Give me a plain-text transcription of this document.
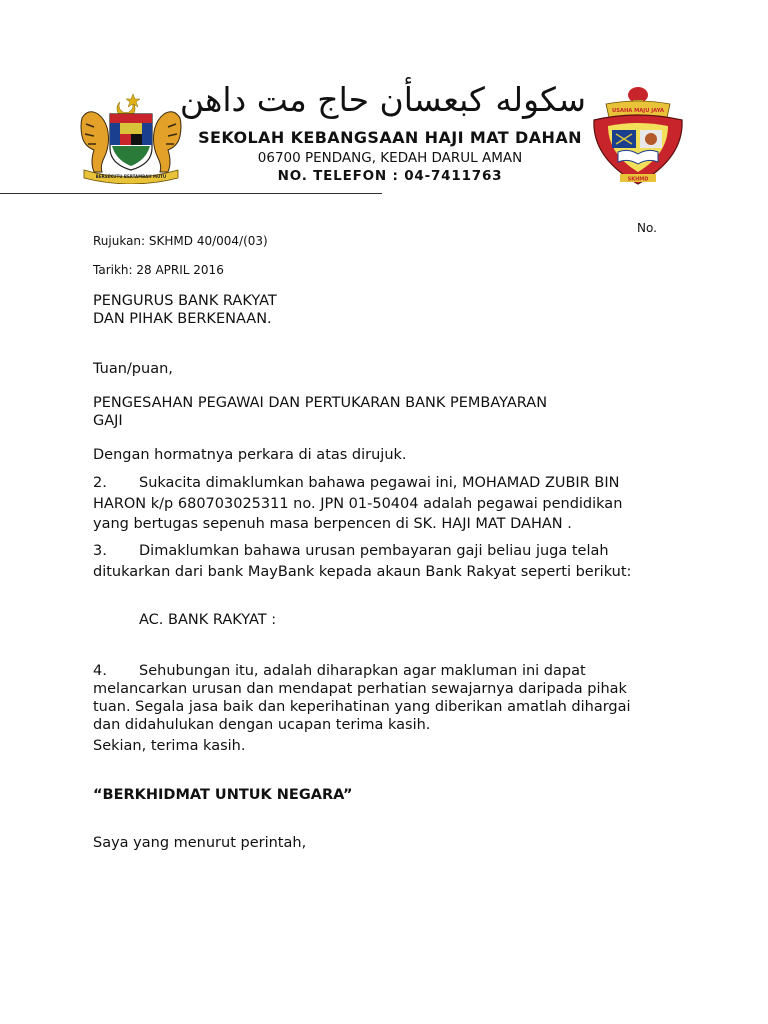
BERSEKUTU BERTAMBAH MUTU
سکوله کبعسأن حاج مت داهن
SEKOLAH KEBANGSAAN HAJI MAT DAHAN
06700 PENDANG, KEDAH DARUL AMAN
NO. TELEFON : 04-7411763
USAHA MAJU JAYA
SKHMD
No.
Rujukan: SKHMD 40/004/(03)
Tarikh: 28 APRIL 2016
PENGURUS BANK RAKYAT
DAN PIHAK BERKENAAN.
Tuan/puan,
PENGESAHAN PEGAWAI DAN PERTUKARAN BANK PEMBAYARAN
GAJI
Dengan hormatnya perkara di atas dirujuk.
2. Sukacita dimaklumkan bahawa pegawai ini, MOHAMAD ZUBIR BIN
HARON k/p 680703025311 no. JPN 01-50404 adalah pegawai pendidikan
yang bertugas sepenuh masa berpencen di SK. HAJI MAT DAHAN .
3. Dimaklumkan bahawa urusan pembayaran gaji beliau juga telah
ditukarkan dari bank MayBank kepada akaun Bank Rakyat seperti berikut:
AC. BANK RAKYAT :
4. Sehubungan itu, adalah diharapkan agar makluman ini dapat
melancarkan urusan dan mendapat perhatian sewajarnya daripada pihak
tuan. Segala jasa baik dan keperihatinan yang diberikan amatlah dihargai
dan didahulukan dengan ucapan terima kasih.
Sekian, terima kasih.
“BERKHIDMAT UNTUK NEGARA”
Saya yang menurut perintah,
